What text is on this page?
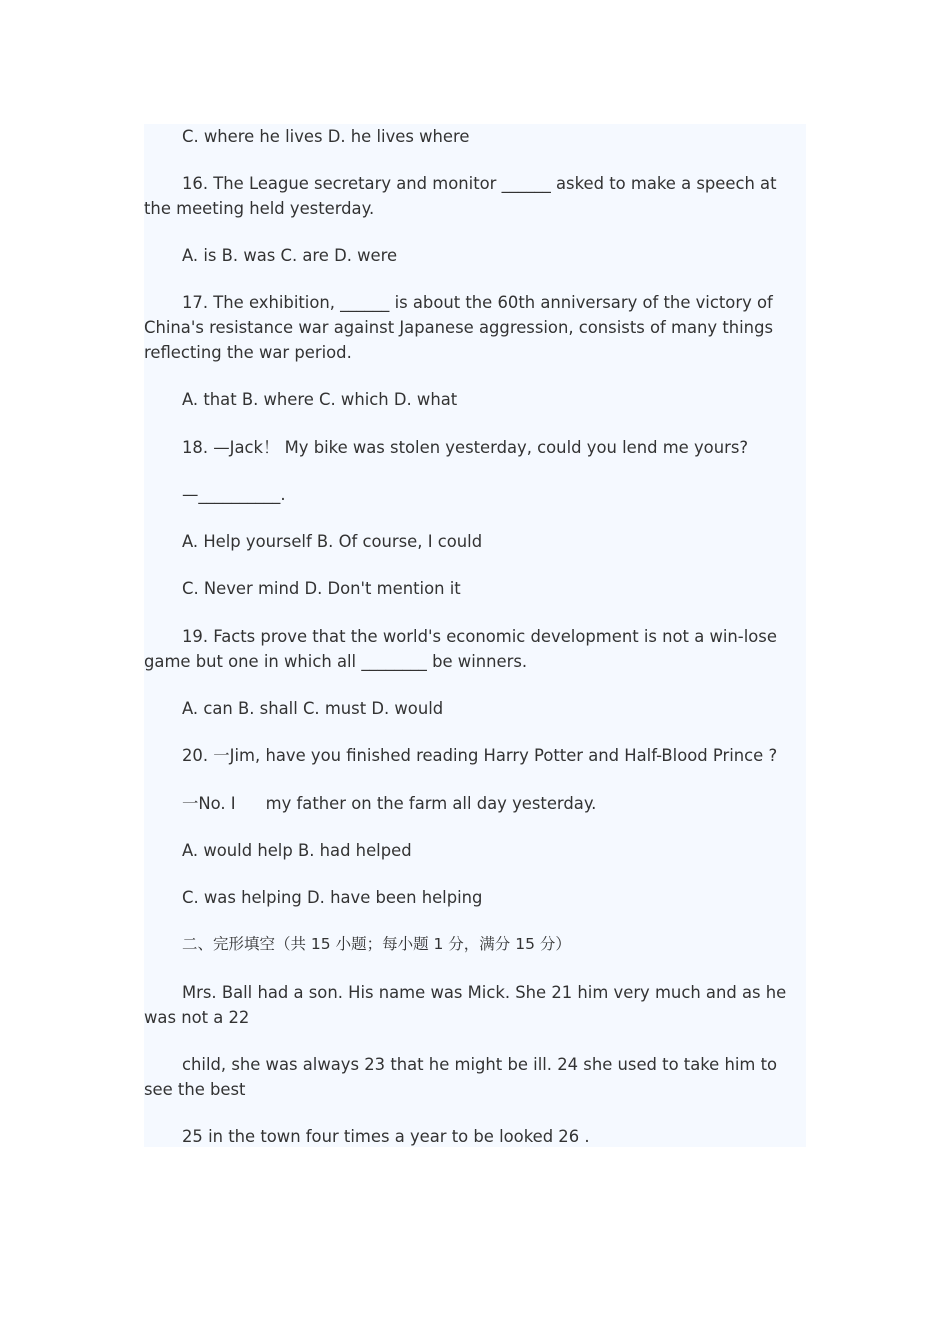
C. where he lives D. he lives where

16. The League secretary and monitor ______ asked to make a speech at the meeting held yesterday.

A. is B. was C. are D. were

17. The exhibition, ______ is about the 60th anniversary of the victory of China's resistance war against Japanese aggression, consists of many things reflecting the war period.

A. that B. where C. which D. what

18. —Jack！ My bike was stolen yesterday, could you lend me yours?

—__________.

A. Help yourself B. Of course, I could

C. Never mind D. Don't mention it

19. Facts prove that the world's economic development is not a win-lose game but one in which all ________ be winners.

A. can B. shall C. must D. would

20. 一Jim, have you finished reading Harry Potter and Half-Blood Prince ?

一No. I my father on the farm all day yesterday.

A. would help B. had helped

C. was helping D. have been helping

二、完形填空（共 15 小题；每小题 1 分，满分 15 分）

Mrs. Ball had a son. His name was Mick. She 21 him very much and as he was not a 22

child, she was always 23 that he might be ill. 24 she used to take him to see the best

25 in the town four times a year to be looked 26 .
